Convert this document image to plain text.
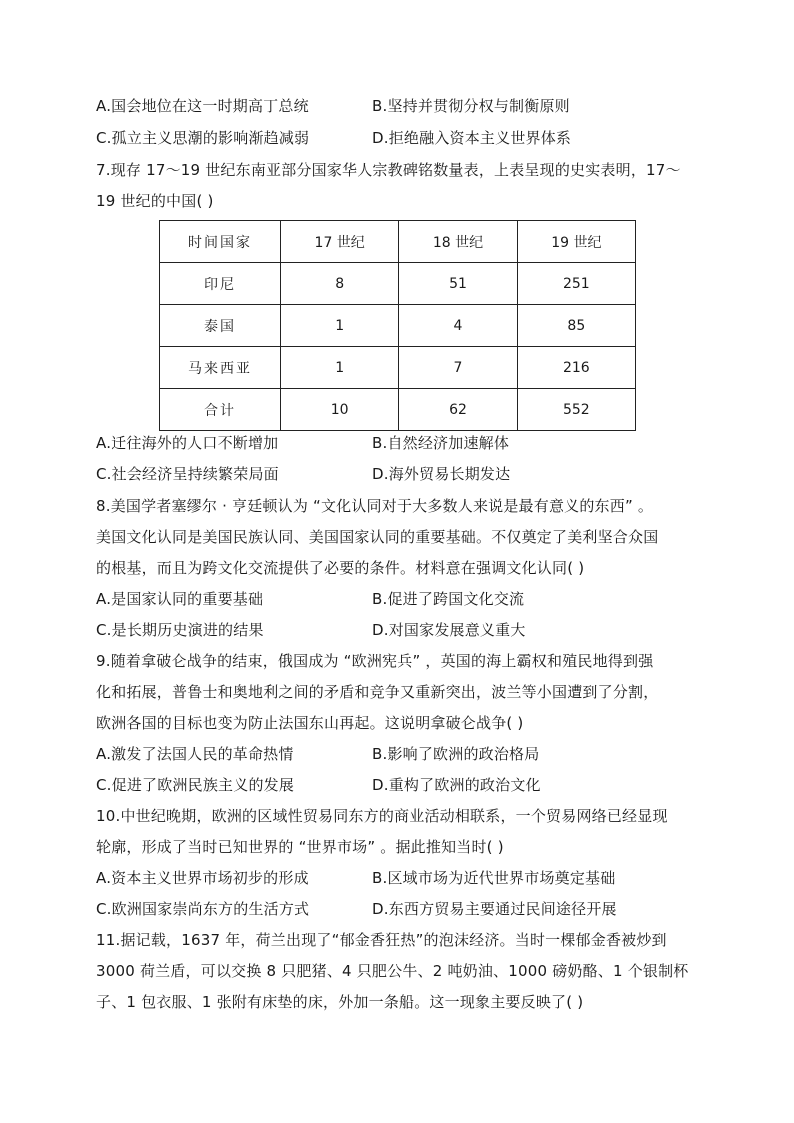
A.国会地位在这一时期高丁总统	B.坚持并贯彻分权与制衡原则
C.孤立主义思潮的影响渐趋减弱	D.拒绝融入资本主义世界体系
7.现存 17～19 世纪东南亚部分国家华人宗教碑铭数量表，上表呈现的史实表明，17～
19 世纪的中国( )
时间国家	17 世纪	18 世纪	19 世纪
印尼	8	51	251
泰国	1	4	85
马来西亚	1	7	216
合计	10	62	552
A.迁往海外的人口不断增加	B.自然经济加速解体
C.社会经济呈持续繁荣局面	D.海外贸易长期发达
8.美国学者塞缪尔 · 亨廷顿认为 “文化认同对于大多数人来说是最有意义的东西” 。
美国文化认同是美国民族认同、美国国家认同的重要基础。不仅奠定了美利坚合众国
的根基，而且为跨文化交流提供了必要的条件。材料意在强调文化认同( )
A.是国家认同的重要基础	B.促进了跨国文化交流
C.是长期历史演进的结果	D.对国家发展意义重大
9.随着拿破仑战争的结束，俄国成为 “欧洲宪兵” ，英国的海上霸权和殖民地得到强
化和拓展，普鲁士和奥地利之间的矛盾和竞争又重新突出，波兰等小国遭到了分割，
欧洲各国的目标也变为防止法国东山再起。这说明拿破仑战争( )
A.激发了法国人民的革命热情	B.影响了欧洲的政治格局
C.促进了欧洲民族主义的发展	D.重构了欧洲的政治文化
10.中世纪晚期，欧洲的区域性贸易同东方的商业活动相联系，一个贸易网络已经显现
轮廓，形成了当时已知世界的 “世界市场” 。据此推知当时( )
A.资本主义世界市场初步的形成	B.区域市场为近代世界市场奠定基础
C.欧洲国家崇尚东方的生活方式	D.东西方贸易主要通过民间途径开展
11.据记载，1637 年，荷兰出现了“郁金香狂热”的泡沫经济。当时一棵郁金香被炒到
3000 荷兰盾，可以交换 8 只肥猪、4 只肥公牛、2 吨奶油、1000 磅奶酪、1 个银制杯
子、1 包衣服、1 张附有床垫的床，外加一条船。这一现象主要反映了( )
